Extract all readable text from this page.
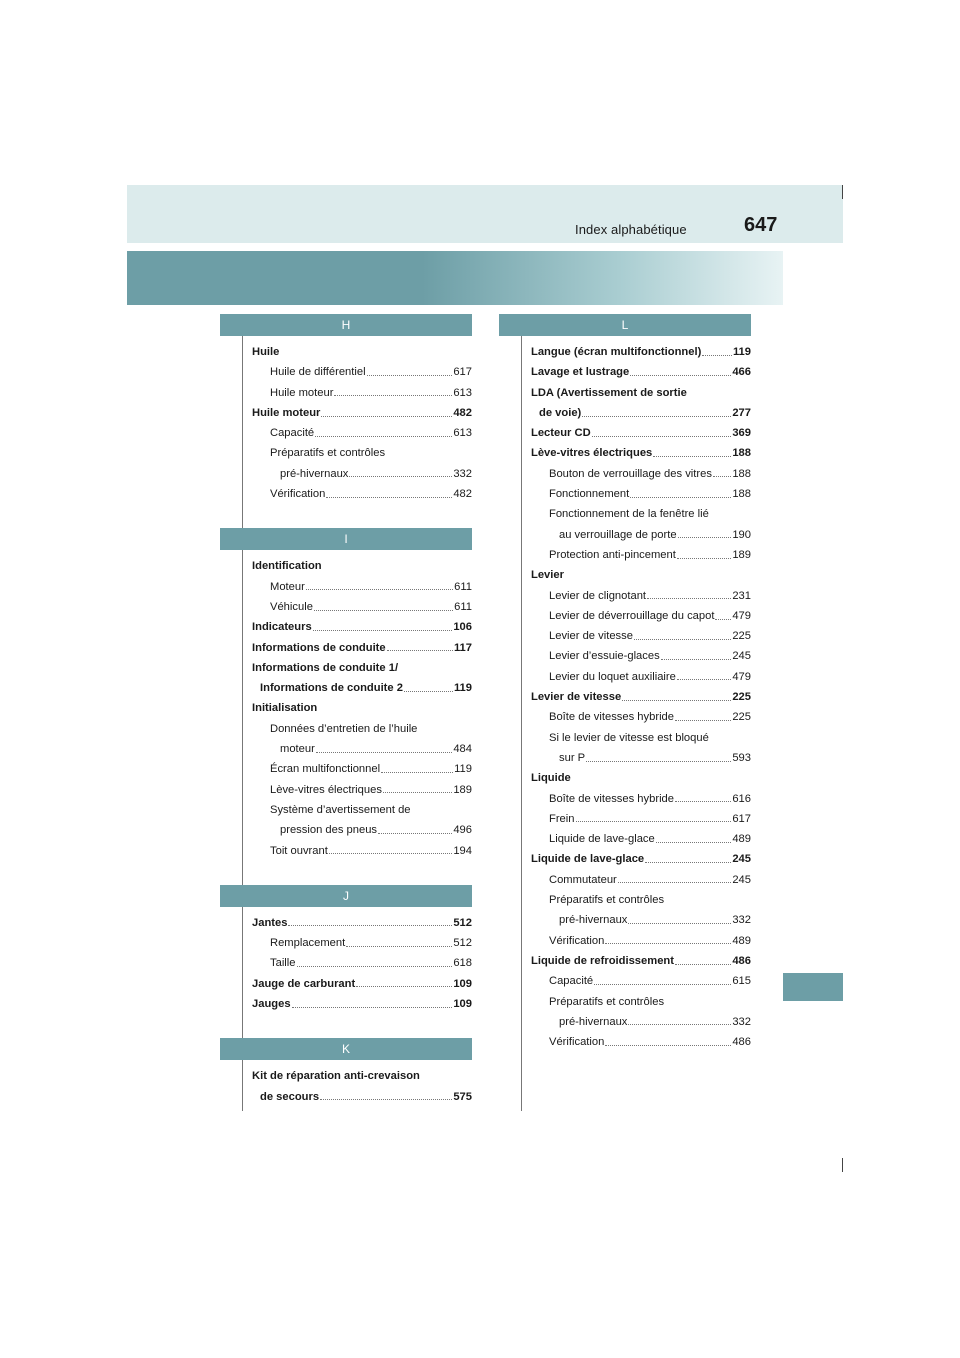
Index alphabétique	647
H
Huile
Huile de différentiel	617
Huile moteur	613
Huile moteur	482
Capacité	613
Préparatifs et contrôles
pré-hivernaux	332
Vérification	482
I
Identification
Moteur	611
Véhicule	611
Indicateurs	106
Informations de conduite	117
Informations de conduite 1/
Informations de conduite 2	119
Initialisation
Données d’entretien de l’huile
moteur	484
Écran multifonctionnel	119
Lève-vitres électriques	189
Système d’avertissement de
pression des pneus	496
Toit ouvrant	194
J
Jantes	512
Remplacement	512
Taille	618
Jauge de carburant	109
Jauges	109
K
Kit de réparation anti-crevaison
de secours	575
L
Langue (écran multifonctionnel)	119
Lavage et lustrage	466
LDA (Avertissement de sortie
de voie)	277
Lecteur CD	369
Lève-vitres électriques	188
Bouton de verrouillage des vitres 188
Fonctionnement	188
Fonctionnement de la fenêtre lié
au verrouillage de porte	190
Protection anti-pincement	189
Levier
Levier de clignotant	231
Levier de déverrouillage du capot 479
Levier de vitesse	225
Levier d’essuie-glaces	245
Levier du loquet auxiliaire	479
Levier de vitesse	225
Boîte de vitesses hybride	225
Si le levier de vitesse est bloqué
sur P	593
Liquide
Boîte de vitesses hybride	616
Frein	617
Liquide de lave-glace	489
Liquide de lave-glace	245
Commutateur	245
Préparatifs et contrôles
pré-hivernaux	332
Vérification	489
Liquide de refroidissement	486
Capacité	615
Préparatifs et contrôles
pré-hivernaux	332
Vérification	486
